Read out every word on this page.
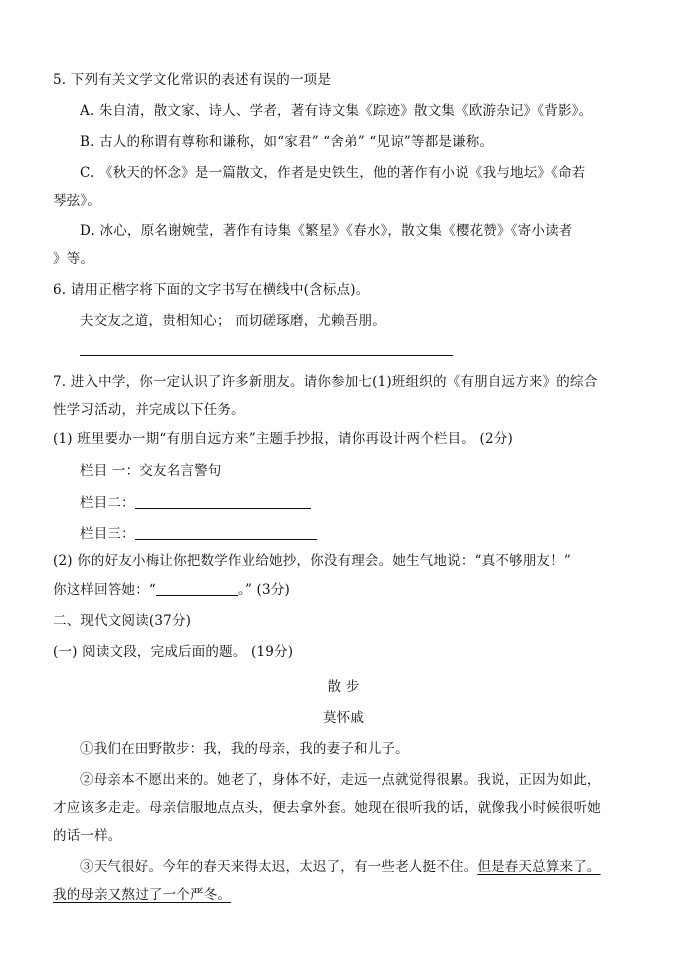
5. 下列有关文学文化常识的表述有误的一项是
A. 朱自清，散文家、诗人、学者，著有诗文集《踪迹》散文集《欧游杂记》《背影》。
B. 古人的称谓有尊称和谦称，如“家君” “舍弟” “见谅”等都是谦称。
C. 《秋天的怀念》是一篇散文，作者是史铁生，他的著作有小说《我与地坛》《命若
琴弦》。
D. 冰心，原名谢婉莹，著作有诗集《繁星》《春水》，散文集《樱花赞》《寄小读者
》等。
6. 请用正楷字将下面的文字书写在横线中(含标点)。
夫交友之道，贵相知心； 而切磋琢磨，尤赖吾朋。
7. 进入中学，你一定认识了许多新朋友。请你参加七(1)班组织的《有朋自远方来》的综合
性学习活动，并完成以下任务。
(1) 班里要办一期“有朋自远方来”主题手抄报，请你再设计两个栏目。 (2分)
栏目 一：交友名言警句
栏目二：
栏目三：
(2) 你的好友小梅让你把数学作业给她抄，你没有理会。她生气地说：“真不够朋友！”
你这样回答她：“	。” (3分)
二、现代文阅读(37分)
(一) 阅读文段，完成后面的题。 (19分)
散 步
莫怀戚
①我们在田野散步：我，我的母亲，我的妻子和儿子。
②母亲本不愿出来的。她老了，身体不好，走远一点就觉得很累。我说，正因为如此，
才应该多走走。母亲信服地点点头，便去拿外套。她现在很听我的话，就像我小时候很听她
的话一样。
③天气很好。今年的春天来得太迟，太迟了，有一些老人挺不住。但是春天总算来了。
我的母亲又熬过了一个严冬。
